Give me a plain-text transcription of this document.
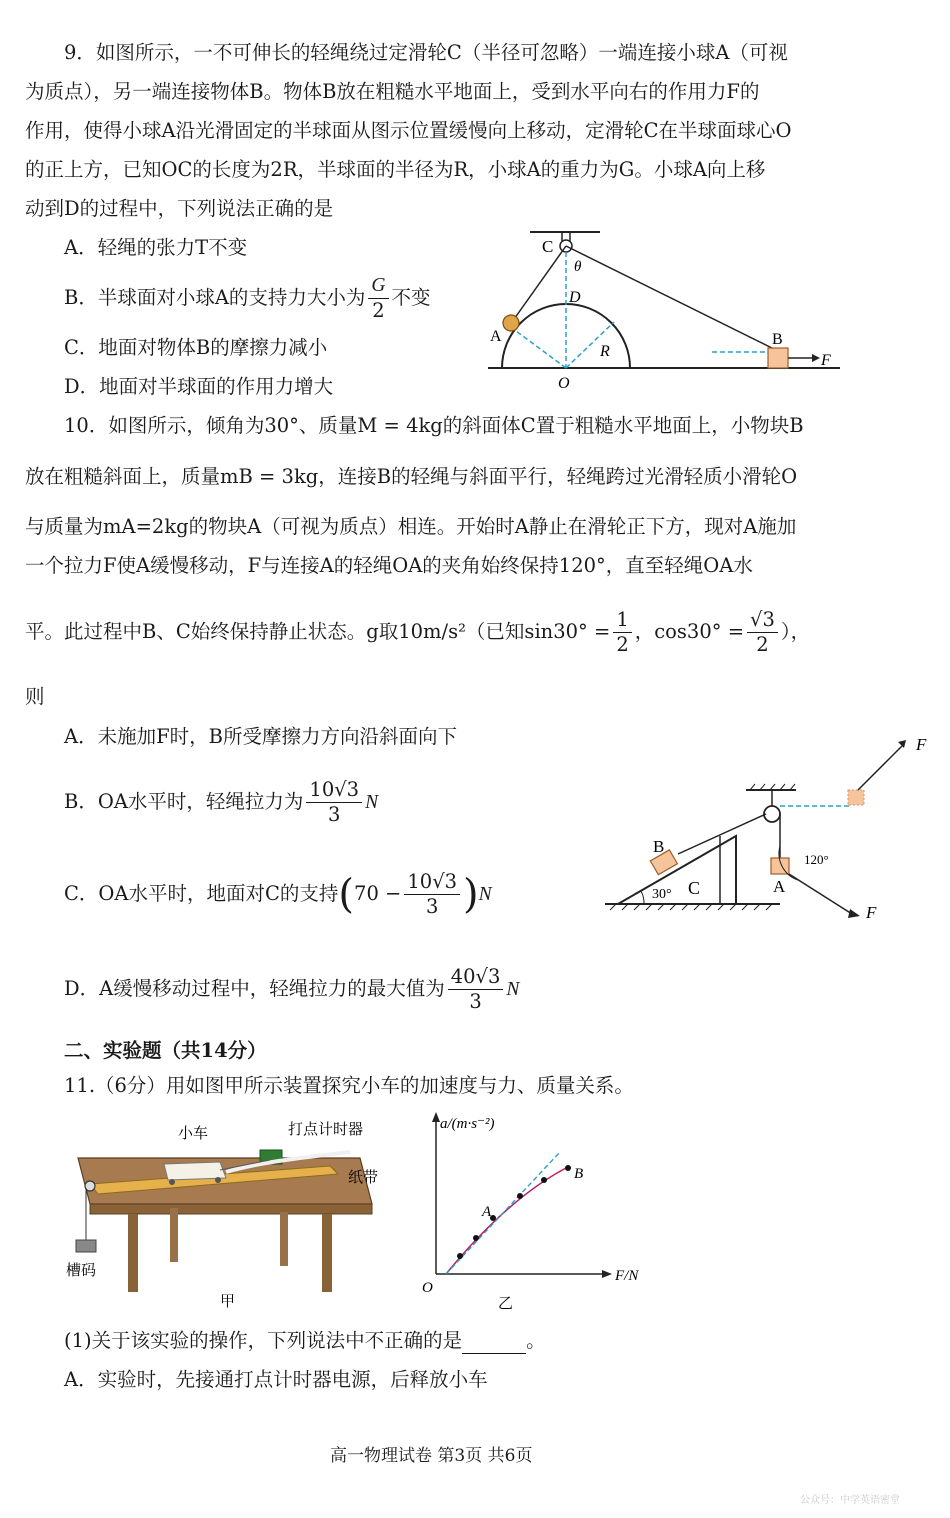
9．如图所示，一不可伸长的轻绳绕过定滑轮C（半径可忽略）一端连接小球A（可视
为质点），另一端连接物体B。物体B放在粗糙水平地面上，受到水平向右的作用力F的
作用，使得小球A沿光滑固定的半球面从图示位置缓慢向上移动，定滑轮C在半球面球心O
的正上方，已知OC的长度为2R，半球面的半径为R，小球A的重力为G。小球A向上移
动到D的过程中，下列说法正确的是
A．轻绳的张力T不变
B．半球面对小球A的支持力大小为 $\frac{G}{2}$ 不变
C．地面对物体B的摩擦力减小
D．地面对半球面的作用力增大
C
θ
D
A
R
O
B
F
10．如图所示，倾角为30°、质量M = 4kg的斜面体C置于粗糙水平地面上，小物块B
放在粗糙斜面上，质量mB = 3kg，连接B的轻绳与斜面平行，轻绳跨过光滑轻质小滑轮O
与质量为mA=2kg的物块A（可视为质点）相连。开始时A静止在滑轮正下方，现对A施加
一个拉力F使A缓慢移动，F与连接A的轻绳OA的夹角始终保持120°，直至轻绳OA水
平。此过程中B、C始终保持静止状态。g取10m/s²（已知$\sin 30^\circ = \frac{1}{2}$ ，$\cos 30^\circ = \frac{√3}{2}$ ），
则
A．未施加F时，B所受摩擦力方向沿斜面向下
B．OA水平时，轻绳拉力为 $\frac{10√3}{3}$ N
C．OA水平时，地面对C的支持$(70 - \frac{10√3}{3} )N$
D．A缓慢移动过程中，轻绳拉力的最大值为 $\frac{40√3}{3}$ N
F
B
30° C	A
120°
F
二、实验题（共14分）
11.（6分）用如图甲所示装置探究小车的加速度与力、质量关系。
小车	打点计时器
纸带
槽码
甲
a/(m·s⁻²)
F/N
O
A
B
乙
(1)关于该实验的操作，下列说法中不正确的是	。
A．实验时，先接通打点计时器电源，后释放小车
高一物理试卷 第3页 共6页
公众号：中学英语密堂
